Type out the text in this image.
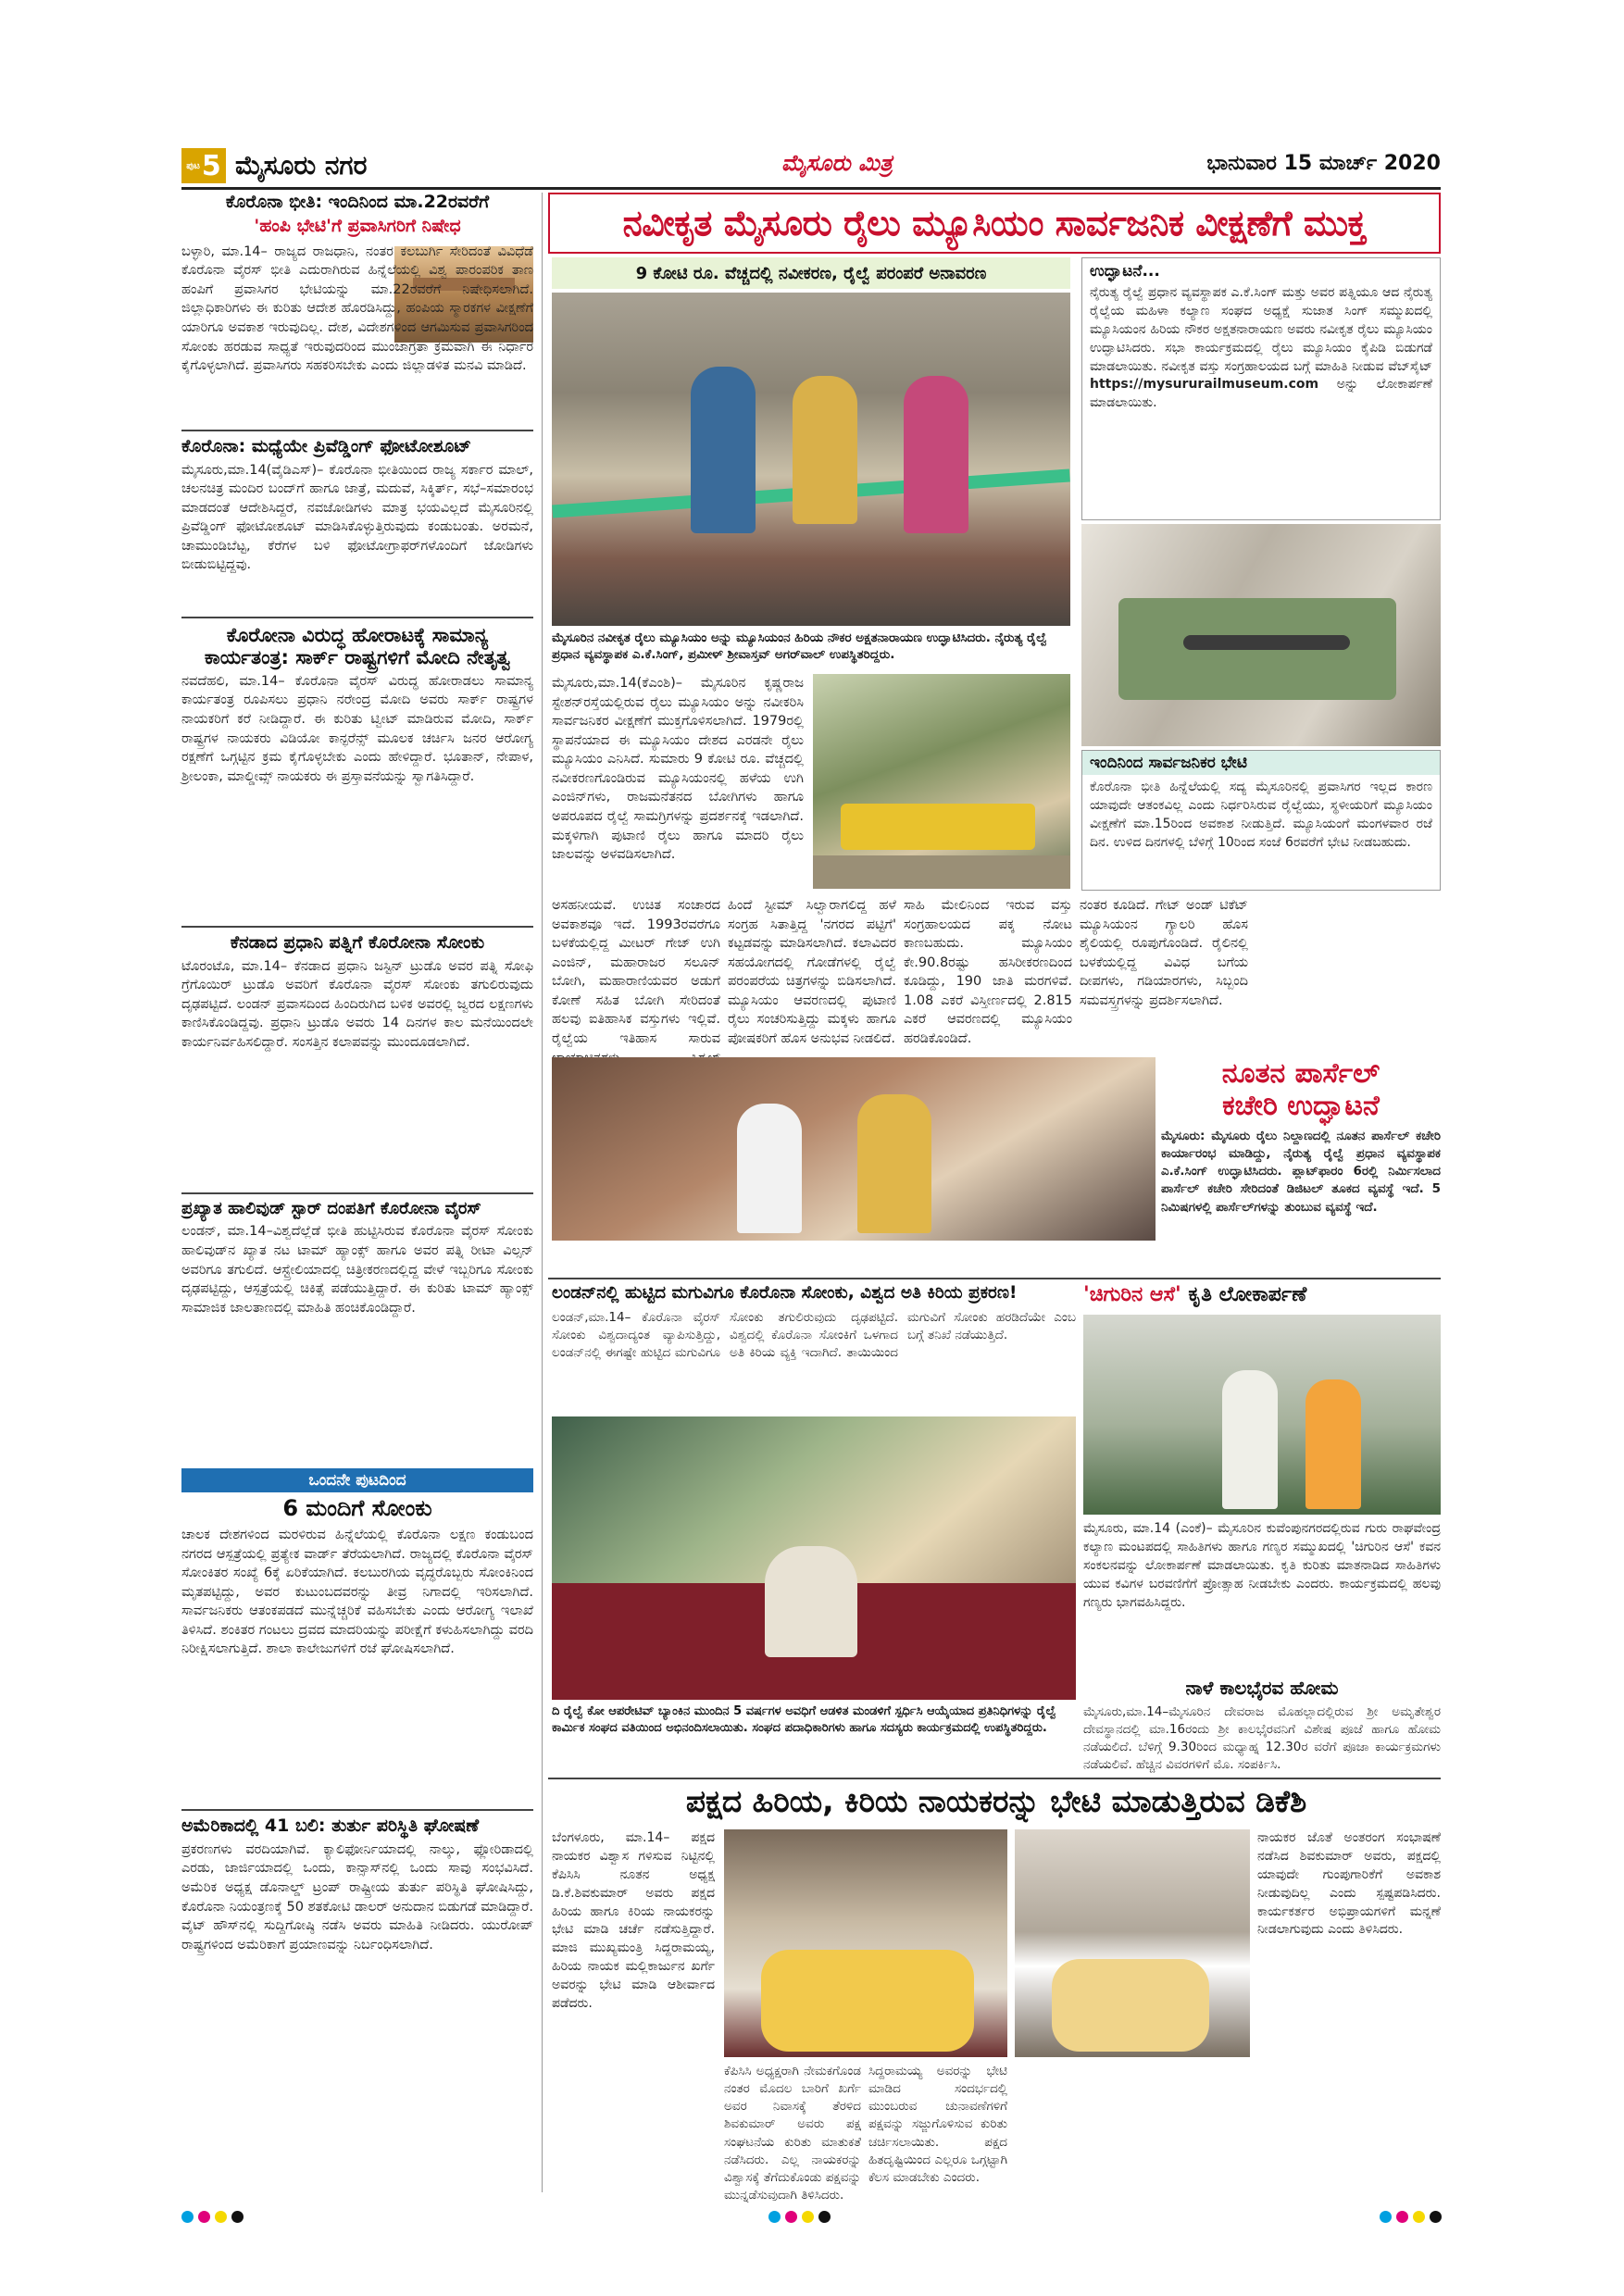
ಪುಟ 5 ಮೈಸೂರು ನಗರ	ಮೈಸೂರು ಮಿತ್ರ	ಭಾನುವಾರ 15 ಮಾರ್ಚ್ 2020
ಕೊರೊನಾ ಭೀತಿ: ಇಂದಿನಿಂದ ಮಾ.22ರವರೆಗೆ
'ಹಂಪಿ ಭೇಟಿ'ಗೆ ಪ್ರವಾಸಿಗರಿಗೆ ನಿಷೇಧ
ಬಳ್ಳಾರಿ, ಮಾ.14– ರಾಜ್ಯದ ರಾಜಧಾನಿ, ನಂತರ ಕಲಬುರ್ಗಿ ಸೇರಿದಂತೆ ವಿವಿಧೆಡೆ ಕೊರೊನಾ ವೈರಸ್ ಭೀತಿ ಎದುರಾಗಿರುವ ಹಿನ್ನೆಲೆಯಲ್ಲಿ ವಿಶ್ವ ಪಾರಂಪರಿಕ ತಾಣ ಹಂಪಿಗೆ ಪ್ರವಾಸಿಗರ ಭೇಟಿಯನ್ನು ಮಾ.22ರವರೆಗೆ ನಿಷೇಧಿಸಲಾಗಿದೆ. ಜಿಲ್ಲಾಧಿಕಾರಿಗಳು ಈ ಕುರಿತು ಆದೇಶ ಹೊರಡಿಸಿದ್ದು, ಹಂಪಿಯ ಸ್ಮಾರಕಗಳ ವೀಕ್ಷಣೆಗೆ ಯಾರಿಗೂ ಅವಕಾಶ ಇರುವುದಿಲ್ಲ. ದೇಶ, ವಿದೇಶಗಳಿಂದ ಆಗಮಿಸುವ ಪ್ರವಾಸಿಗರಿಂದ ಸೋಂಕು ಹರಡುವ ಸಾಧ್ಯತೆ ಇರುವುದರಿಂದ ಮುಂಜಾಗ್ರತಾ ಕ್ರಮವಾಗಿ ಈ ನಿರ್ಧಾರ ಕೈಗೊಳ್ಳಲಾಗಿದೆ. ಪ್ರವಾಸಿಗರು ಸಹಕರಿಸಬೇಕು ಎಂದು ಜಿಲ್ಲಾಡಳಿತ ಮನವಿ ಮಾಡಿದೆ.
ಕೊರೊನಾ: ಮಧ್ಯೆಯೇ ಪ್ರಿವೆಡ್ಡಿಂಗ್ ಫೋಟೋಶೂಟ್
ಮೈಸೂರು,ಮಾ.14(ವೈಡಿಎಸ್)– ಕೊರೊನಾ ಭೀತಿಯಿಂದ ರಾಜ್ಯ ಸರ್ಕಾರ ಮಾಲ್, ಚಲನಚಿತ್ರ ಮಂದಿರ ಬಂದ್‌ಗೆ ಹಾಗೂ ಜಾತ್ರೆ, ಮದುವೆ, ಸಿಕ್ಕಿರ್ತ್‌, ಸಭೆ–ಸಮಾರಂಭ ಮಾಡದಂತೆ ಆದೇಶಿಸಿದ್ದರೆ, ನವಜೋಡಿಗಳು ಮಾತ್ರ ಭಯವಿಲ್ಲದೆ ಮೈಸೂರಿನಲ್ಲಿ ಪ್ರಿವೆಡ್ಡಿಂಗ್ ಫೋಟೋಶೂಟ್ ಮಾಡಿಸಿಕೊಳ್ಳುತ್ತಿರುವುದು ಕಂಡುಬಂತು. ಅರಮನೆ, ಚಾಮುಂಡಿಬೆಟ್ಟ, ಕೆರೆಗಳ ಬಳಿ ಫೋಟೋಗ್ರಾಫರ್‌ಗಳೊಂದಿಗೆ ಜೋಡಿಗಳು ಬೀಡುಬಿಟ್ಟಿದ್ದವು.
ಕೊರೋನಾ ವಿರುದ್ಧ ಹೋರಾಟಕ್ಕೆ ಸಾಮಾನ್ಯ
ಕಾರ್ಯತಂತ್ರ: ಸಾರ್ಕ್ ರಾಷ್ಟ್ರಗಳಿಗೆ ಮೋದಿ ನೇತೃತ್ವ
ನವದೆಹಲಿ, ಮಾ.14– ಕೊರೊನಾ ವೈರಸ್ ವಿರುದ್ಧ ಹೋರಾಡಲು ಸಾಮಾನ್ಯ ಕಾರ್ಯತಂತ್ರ ರೂಪಿಸಲು ಪ್ರಧಾನಿ ನರೇಂದ್ರ ಮೋದಿ ಅವರು ಸಾರ್ಕ್ ರಾಷ್ಟ್ರಗಳ ನಾಯಕರಿಗೆ ಕರೆ ನೀಡಿದ್ದಾರೆ. ಈ ಕುರಿತು ಟ್ವೀಟ್ ಮಾಡಿರುವ ಮೋದಿ, ಸಾರ್ಕ್ ರಾಷ್ಟ್ರಗಳ ನಾಯಕರು ವಿಡಿಯೋ ಕಾನ್ಫರೆನ್ಸ್ ಮೂಲಕ ಚರ್ಚಿಸಿ ಜನರ ಆರೋಗ್ಯ ರಕ್ಷಣೆಗೆ ಒಗ್ಗಟ್ಟಿನ ಕ್ರಮ ಕೈಗೊಳ್ಳಬೇಕು ಎಂದು ಹೇಳಿದ್ದಾರೆ. ಭೂತಾನ್, ನೇಪಾಳ, ಶ್ರೀಲಂಕಾ, ಮಾಲ್ಡೀವ್ಸ್ ನಾಯಕರು ಈ ಪ್ರಸ್ತಾವನೆಯನ್ನು ಸ್ವಾಗತಿಸಿದ್ದಾರೆ.
ಕೆನಡಾದ ಪ್ರಧಾನಿ ಪತ್ನಿಗೆ ಕೊರೋನಾ ಸೋಂಕು
ಟೊರಂಟೊ, ಮಾ.14– ಕೆನಡಾದ ಪ್ರಧಾನಿ ಜಸ್ಟಿನ್ ಟ್ರುಡೊ ಅವರ ಪತ್ನಿ ಸೋಫಿ ಗ್ರೆಗೊಯಿರ್ ಟ್ರುಡೊ ಅವರಿಗೆ ಕೊರೊನಾ ವೈರಸ್ ಸೋಂಕು ತಗುಲಿರುವುದು ದೃಢಪಟ್ಟಿದೆ. ಲಂಡನ್ ಪ್ರವಾಸದಿಂದ ಹಿಂದಿರುಗಿದ ಬಳಿಕ ಅವರಲ್ಲಿ ಜ್ವರದ ಲಕ್ಷಣಗಳು ಕಾಣಿಸಿಕೊಂಡಿದ್ದವು. ಪ್ರಧಾನಿ ಟ್ರುಡೊ ಅವರು 14 ದಿನಗಳ ಕಾಲ ಮನೆಯಿಂದಲೇ ಕಾರ್ಯನಿರ್ವಹಿಸಲಿದ್ದಾರೆ. ಸಂಸತ್ತಿನ ಕಲಾಪವನ್ನು ಮುಂದೂಡಲಾಗಿದೆ.
ಪ್ರಖ್ಯಾತ ಹಾಲಿವುಡ್ ಸ್ಟಾರ್ ದಂಪತಿಗೆ ಕೊರೋನಾ ವೈರಸ್
ಲಂಡನ್, ಮಾ.14–ವಿಶ್ವದೆಲ್ಲೆಡೆ ಭೀತಿ ಹುಟ್ಟಿಸಿರುವ ಕೊರೊನಾ ವೈರಸ್ ಸೋಂಕು ಹಾಲಿವುಡ್‌ನ ಖ್ಯಾತ ನಟ ಟಾಮ್ ಹ್ಯಾಂಕ್ಸ್ ಹಾಗೂ ಅವರ ಪತ್ನಿ ರೀಟಾ ವಿಲ್ಸನ್ ಅವರಿಗೂ ತಗುಲಿದೆ. ಆಸ್ಟ್ರೇಲಿಯಾದಲ್ಲಿ ಚಿತ್ರೀಕರಣದಲ್ಲಿದ್ದ ವೇಳೆ ಇಬ್ಬರಿಗೂ ಸೋಂಕು ದೃಢಪಟ್ಟಿದ್ದು, ಆಸ್ಪತ್ರೆಯಲ್ಲಿ ಚಿಕಿತ್ಸೆ ಪಡೆಯುತ್ತಿದ್ದಾರೆ. ಈ ಕುರಿತು ಟಾಮ್ ಹ್ಯಾಂಕ್ಸ್ ಸಾಮಾಜಿಕ ಜಾಲತಾಣದಲ್ಲಿ ಮಾಹಿತಿ ಹಂಚಿಕೊಂಡಿದ್ದಾರೆ.
ಒಂದನೇ ಪುಟದಿಂದ
6 ಮಂದಿಗೆ ಸೋಂಕು
ಚಾಲಕ ದೇಶಗಳಿಂದ ಮರಳಿರುವ ಹಿನ್ನೆಲೆಯಲ್ಲಿ ಕೊರೊನಾ ಲಕ್ಷಣ ಕಂಡುಬಂದ ನಗರದ ಆಸ್ಪತ್ರೆಯಲ್ಲಿ ಪ್ರತ್ಯೇಕ ವಾರ್ಡ್ ತೆರೆಯಲಾಗಿದೆ. ರಾಜ್ಯದಲ್ಲಿ ಕೊರೊನಾ ವೈರಸ್ ಸೋಂಕಿತರ ಸಂಖ್ಯೆ 6ಕ್ಕೆ ಏರಿಕೆಯಾಗಿದೆ. ಕಲಬುರಗಿಯ ವೃದ್ಧರೊಬ್ಬರು ಸೋಂಕಿನಿಂದ ಮೃತಪಟ್ಟಿದ್ದು, ಅವರ ಕುಟುಂಬದವರನ್ನು ತೀವ್ರ ನಿಗಾದಲ್ಲಿ ಇರಿಸಲಾಗಿದೆ. ಸಾರ್ವಜನಿಕರು ಆತಂಕಪಡದೆ ಮುನ್ನೆಚ್ಚರಿಕೆ ವಹಿಸಬೇಕು ಎಂದು ಆರೋಗ್ಯ ಇಲಾಖೆ ತಿಳಿಸಿದೆ. ಶಂಕಿತರ ಗಂಟಲು ದ್ರವದ ಮಾದರಿಯನ್ನು ಪರೀಕ್ಷೆಗೆ ಕಳುಹಿಸಲಾಗಿದ್ದು ವರದಿ ನಿರೀಕ್ಷಿಸಲಾಗುತ್ತಿದೆ. ಶಾಲಾ ಕಾಲೇಜುಗಳಿಗೆ ರಜೆ ಘೋಷಿಸಲಾಗಿದೆ.
ಅಮೆರಿಕಾದಲ್ಲಿ 41 ಬಲಿ: ತುರ್ತು ಪರಿಸ್ಥಿತಿ ಘೋಷಣೆ
ಪ್ರಕರಣಗಳು ವರದಿಯಾಗಿವೆ. ಕ್ಯಾಲಿಫೋರ್ನಿಯಾದಲ್ಲಿ ನಾಲ್ಕು, ಫ್ಲೋರಿಡಾದಲ್ಲಿ ಎರಡು, ಜಾರ್ಜಿಯಾದಲ್ಲಿ ಒಂದು, ಕಾನ್ಸಾಸ್‌ನಲ್ಲಿ ಒಂದು ಸಾವು ಸಂಭವಿಸಿದೆ. ಅಮೆರಿಕ ಅಧ್ಯಕ್ಷ ಡೊನಾಲ್ಡ್ ಟ್ರಂಪ್ ರಾಷ್ಟ್ರೀಯ ತುರ್ತು ಪರಿಸ್ಥಿತಿ ಘೋಷಿಸಿದ್ದು, ಕೊರೊನಾ ನಿಯಂತ್ರಣಕ್ಕೆ 50 ಶತಕೋಟಿ ಡಾಲರ್ ಅನುದಾನ ಬಿಡುಗಡೆ ಮಾಡಿದ್ದಾರೆ. ವೈಟ್ ಹೌಸ್‌ನಲ್ಲಿ ಸುದ್ದಿಗೋಷ್ಠಿ ನಡೆಸಿ ಅವರು ಮಾಹಿತಿ ನೀಡಿದರು. ಯುರೋಪ್ ರಾಷ್ಟ್ರಗಳಿಂದ ಅಮೆರಿಕಾಗೆ ಪ್ರಯಾಣವನ್ನು ನಿರ್ಬಂಧಿಸಲಾಗಿದೆ.
ನವೀಕೃತ ಮೈಸೂರು ರೈಲು ಮ್ಯೂಸಿಯಂ ಸಾರ್ವಜನಿಕ ವೀಕ್ಷಣೆಗೆ ಮುಕ್ತ
9 ಕೋಟಿ ರೂ. ವೆಚ್ಚದಲ್ಲಿ ನವೀಕರಣ, ರೈಲ್ವೆ ಪರಂಪರೆ ಅನಾವರಣ
ಮೈಸೂರಿನ ನವೀಕೃತ ರೈಲು ಮ್ಯೂಸಿಯಂ ಅನ್ನು ಮ್ಯೂಸಿಯಂನ ಹಿರಿಯ ನೌಕರ ಅಕ್ಷತನಾರಾಯಣ ಉದ್ಘಾಟಿಸಿದರು. ನೈರುತ್ಯ ರೈಲ್ವೆ ಪ್ರಧಾನ ವ್ಯವಸ್ಥಾಪಕ ಎ.ಕೆ.ಸಿಂಗ್, ಪ್ರಮೀಳ್ ಶ್ರೀವಾಸ್ತವ್ ಅಗರ್‌ವಾಲ್ ಉಪಸ್ಥಿತರಿದ್ದರು.
ಮೈಸೂರು,ಮಾ.14(ಕೆಎಂಶಿ)– ಮೈಸೂರಿನ ಕೃಷ್ಣರಾಜ ಸ್ಟೇಶನ್‌ರಸ್ತೆಯಲ್ಲಿರುವ ರೈಲು ಮ್ಯೂಸಿಯಂ ಅನ್ನು ನವೀಕರಿಸಿ ಸಾರ್ವಜನಿಕರ ವೀಕ್ಷಣೆಗೆ ಮುಕ್ತಗೊಳಿಸಲಾಗಿದೆ. 1979ರಲ್ಲಿ ಸ್ಥಾಪನೆಯಾದ ಈ ಮ್ಯೂಸಿಯಂ ದೇಶದ ಎರಡನೇ ರೈಲು ಮ್ಯೂಸಿಯಂ ಎನಿಸಿದೆ. ಸುಮಾರು 9 ಕೋಟಿ ರೂ. ವೆಚ್ಚದಲ್ಲಿ ನವೀಕರಣಗೊಂಡಿರುವ ಮ್ಯೂಸಿಯಂನಲ್ಲಿ ಹಳೆಯ ಉಗಿ ಎಂಜಿನ್‌ಗಳು, ರಾಜಮನೆತನದ ಬೋಗಿಗಳು ಹಾಗೂ ಅಪರೂಪದ ರೈಲ್ವೆ ಸಾಮಗ್ರಿಗಳನ್ನು ಪ್ರದರ್ಶನಕ್ಕೆ ಇಡಲಾಗಿದೆ. ಮಕ್ಕಳಿಗಾಗಿ ಪುಟಾಣಿ ರೈಲು ಹಾಗೂ ಮಾದರಿ ರೈಲು ಜಾಲವನ್ನು ಅಳವಡಿಸಲಾಗಿದೆ.
ಉದ್ಘಾಟನೆ...
ನೈರುತ್ಯ ರೈಲ್ವೆ ಪ್ರಧಾನ ವ್ಯವಸ್ಥಾಪಕ ಎ.ಕೆ.ಸಿಂಗ್ ಮತ್ತು ಅವರ ಪತ್ನಿಯೂ ಆದ ನೈರುತ್ಯ ರೈಲ್ವೆಯ ಮಹಿಳಾ ಕಲ್ಯಾಣ ಸಂಘದ ಅಧ್ಯಕ್ಷೆ ಸುಜಾತ ಸಿಂಗ್ ಸಮ್ಮುಖದಲ್ಲಿ ಮ್ಯೂಸಿಯಂನ ಹಿರಿಯ ನೌಕರ ಅಕ್ಷತನಾರಾಯಣ ಅವರು ನವೀಕೃತ ರೈಲು ಮ್ಯೂಸಿಯಂ ಉದ್ಘಾಟಿಸಿದರು. ಸಭಾ ಕಾರ್ಯಕ್ರಮದಲ್ಲಿ ರೈಲು ಮ್ಯೂಸಿಯಂ ಕೈಪಿಡಿ ಬಿಡುಗಡೆ ಮಾಡಲಾಯಿತು. ನವೀಕೃತ ವಸ್ತು ಸಂಗ್ರಹಾಲಯದ ಬಗ್ಗೆ ಮಾಹಿತಿ ನೀಡುವ ವೆಬ್‌ಸೈಟ್ https://mysururailmuseum.com ಅನ್ನು ಲೋಕಾರ್ಪಣೆ ಮಾಡಲಾಯಿತು.
ಇಂದಿನಿಂದ ಸಾರ್ವಜನಿಕರ ಭೇಟಿ
ಕೊರೊನಾ ಭೀತಿ ಹಿನ್ನೆಲೆಯಲ್ಲಿ ಸದ್ಯ ಮೈಸೂರಿನಲ್ಲಿ ಪ್ರವಾಸಿಗರ ಇಲ್ಲದ ಕಾರಣ ಯಾವುದೇ ಆತಂಕವಿಲ್ಲ ಎಂದು ನಿರ್ಧರಿಸಿರುವ ರೈಲ್ವೆಯು, ಸ್ಥಳೀಯರಿಗೆ ಮ್ಯೂಸಿಯಂ ವೀಕ್ಷಣೆಗೆ ಮಾ.15ರಿಂದ ಅವಕಾಶ ನೀಡುತ್ತಿದೆ. ಮ್ಯೂಸಿಯಂಗೆ ಮಂಗಳವಾರ ರಜೆ ದಿನ. ಉಳಿದ ದಿನಗಳಲ್ಲಿ ಬೆಳಿಗ್ಗೆ 10ರಿಂದ ಸಂಜೆ 6ರವರೆಗೆ ಭೇಟಿ ನೀಡಬಹುದು.
ಅಸಹನೀಯವೆ. ಉಚಿತ ಸಂಚಾರದ ಅವಕಾಶವೂ ಇದೆ. 1993ರವರೆಗೂ ಬಳಕೆಯಲ್ಲಿದ್ದ ಮೀಟರ್ ಗೇಜ್ ಉಗಿ ಎಂಜಿನ್, ಮಹಾರಾಜರ ಸಲೂನ್ ಬೋಗಿ, ಮಹಾರಾಣಿಯವರ ಅಡುಗೆ ಕೋಣೆ ಸಹಿತ ಬೋಗಿ ಸೇರಿದಂತೆ ಹಲವು ಐತಿಹಾಸಿಕ ವಸ್ತುಗಳು ಇಲ್ಲಿವೆ. ರೈಲ್ವೆಯ ಇತಿಹಾಸ ಸಾರುವ
ಹಿಂದೆ ಸ್ಟೀಮ್ ಸಿಲ್ವಾರಾಗಲಿದ್ದ ಹಳೆ ಸಂಗ್ರಹ ಸಿತಾತ್ತಿದ್ದ 'ನಗರದ ಪಟ್ಟಿಗೆ' ಕಟ್ಟಡವನ್ನು ಮಾಡಿಸಲಾಗಿದೆ. ಕಲಾವಿದರ ಸಹಯೋಗದಲ್ಲಿ ಗೋಡೆಗಳಲ್ಲಿ ರೈಲ್ವೆ ಪರಂಪರೆಯ ಚಿತ್ರಗಳನ್ನು ಬಿಡಿಸಲಾಗಿದೆ. ಮ್ಯೂಸಿಯಂ ಆವರಣದಲ್ಲಿ ಪುಟಾಣಿ ರೈಲು ಸಂಚರಿಸುತ್ತಿದ್ದು ಮಕ್ಕಳು ಹಾಗೂ ಪೋಷಕರಿಗೆ ಹೊಸ ಅನುಭವ ನೀಡಲಿದೆ.
ಸಾಹಿ ಮೇಲಿನಿಂದ ಇರುವ ವಸ್ತು ಸಂಗ್ರಹಾಲಯದ ಪಕ್ಕ ನೋಟ ಕಾಣಬಹುದು. ಮ್ಯೂಸಿಯಂ ಕೇ.90.8ರಷ್ಟು ಹಸಿರೀಕರಣದಿಂದ ಕೂಡಿದ್ದು, 190 ಜಾತಿ ಮರಗಳಿವೆ. 1.08 ಎಕರೆ ವಿಸ್ತೀರ್ಣದಲ್ಲಿ 2.815 ಎಕರೆ ಆವರಣದಲ್ಲಿ ಮ್ಯೂಸಿಯಂ ಹರಡಿಕೊಂಡಿದೆ.
ನಂತರ ಕೂಡಿದೆ. ಗೇಟ್ ಅಂಡ್ ಟಿಕೆಟ್ ಮ್ಯೂಸಿಯಂನ ಗ್ಯಾಲರಿ ಹೊಸ ಶೈಲಿಯಲ್ಲಿ ರೂಪುಗೊಂಡಿದೆ. ರೈಲಿನಲ್ಲಿ ಬಳಕೆಯಲ್ಲಿದ್ದ ವಿವಿಧ ಬಗೆಯ ದೀಪಗಳು, ಗಡಿಯಾರಗಳು, ಸಿಬ್ಬಂದಿ ಸಮವಸ್ತ್ರಗಳನ್ನು ಪ್ರದರ್ಶಿಸಲಾಗಿದೆ.
ನೂತನ ಪಾರ್ಸೆಲ್
ಕಚೇರಿ ಉದ್ಘಾಟನೆ
ಮೈಸೂರು: ಮೈಸೂರು ರೈಲು ನಿಲ್ದಾಣದಲ್ಲಿ ನೂತನ ಪಾರ್ಸೆಲ್ ಕಚೇರಿ ಕಾರ್ಯಾರಂಭ ಮಾಡಿದ್ದು, ನೈರುತ್ಯ ರೈಲ್ವೆ ಪ್ರಧಾನ ವ್ಯವಸ್ಥಾಪಕ ಎ.ಕೆ.ಸಿಂಗ್ ಉದ್ಘಾಟಿಸಿದರು. ಪ್ಲಾಟ್‌ಫಾರಂ 6ರಲ್ಲಿ ನಿರ್ಮಿಸಲಾದ ಪಾರ್ಸೆಲ್ ಕಚೇರಿ ಸೇರಿದಂತೆ ಡಿಜಿಟಲ್ ತೂಕದ ವ್ಯವಸ್ಥೆ ಇದೆ. 5 ನಿಮಿಷಗಳಲ್ಲಿ ಪಾರ್ಸೆಲ್‌ಗಳನ್ನು ತುಂಬುವ ವ್ಯವಸ್ಥೆ ಇದೆ.
ಲಂಡನ್‌ನಲ್ಲಿ ಹುಟ್ಟಿದ ಮಗುವಿಗೂ ಕೊರೊನಾ ಸೋಂಕು, ವಿಶ್ವದ ಅತಿ ಕಿರಿಯ ಪ್ರಕರಣ!
ಲಂಡನ್,ಮಾ.14– ಕೊರೊನಾ ವೈರಸ್ ಸೋಂಕು ವಿಶ್ವದಾದ್ಯಂತ ವ್ಯಾಪಿಸುತ್ತಿದ್ದು, ಲಂಡನ್‌ನಲ್ಲಿ ಈಗಷ್ಟೇ ಹುಟ್ಟಿದ ಮಗುವಿಗೂ ಸೋಂಕು ತಗುಲಿರುವುದು ದೃಢಪಟ್ಟಿದೆ. ವಿಶ್ವದಲ್ಲಿ ಕೊರೊನಾ ಸೋಂಕಿಗೆ ಒಳಗಾದ ಅತಿ ಕಿರಿಯ ವ್ಯಕ್ತಿ ಇದಾಗಿದೆ. ತಾಯಿಯಿಂದ ಮಗುವಿಗೆ ಸೋಂಕು ಹರಡಿದೆಯೇ ಎಂಬ ಬಗ್ಗೆ ತನಿಖೆ ನಡೆಯುತ್ತಿದೆ.
ದಿ ರೈಲ್ವೆ ಕೋ ಆಪರೇಟಿವ್ ಬ್ಯಾಂಕಿನ ಮುಂದಿನ 5 ವರ್ಷಗಳ ಅವಧಿಗೆ ಆಡಳಿತ ಮಂಡಳಿಗೆ ಸ್ಪರ್ಧಿಸಿ ಆಯ್ಕೆಯಾದ ಪ್ರತಿನಿಧಿಗಳನ್ನು ರೈಲ್ವೆ ಕಾರ್ಮಿಕ ಸಂಘದ ವತಿಯಿಂದ ಅಭಿನಂದಿಸಲಾಯಿತು. ಸಂಘದ ಪದಾಧಿಕಾರಿಗಳು ಹಾಗೂ ಸದಸ್ಯರು ಕಾರ್ಯಕ್ರಮದಲ್ಲಿ ಉಪಸ್ಥಿತರಿದ್ದರು.
'ಚಿಗುರಿನ ಆಸೆ' ಕೃತಿ ಲೋಕಾರ್ಪಣೆ
ಮೈಸೂರು, ಮಾ.14 (ಎಂಕೆ)– ಮೈಸೂರಿನ ಕುವೆಂಪುನಗರದಲ್ಲಿರುವ ಗುರು ರಾಘವೇಂದ್ರ ಕಲ್ಯಾಣ ಮಂಟಪದಲ್ಲಿ ಸಾಹಿತಿಗಳು ಹಾಗೂ ಗಣ್ಯರ ಸಮ್ಮುಖದಲ್ಲಿ 'ಚಿಗುರಿನ ಆಸೆ' ಕವನ ಸಂಕಲನವನ್ನು ಲೋಕಾರ್ಪಣೆ ಮಾಡಲಾಯಿತು. ಕೃತಿ ಕುರಿತು ಮಾತನಾಡಿದ ಸಾಹಿತಿಗಳು ಯುವ ಕವಿಗಳ ಬರವಣಿಗೆಗೆ ಪ್ರೋತ್ಸಾಹ ನೀಡಬೇಕು ಎಂದರು. ಕಾರ್ಯಕ್ರಮದಲ್ಲಿ ಹಲವು ಗಣ್ಯರು ಭಾಗವಹಿಸಿದ್ದರು.
ನಾಳೆ ಕಾಲಭೈರವ ಹೋಮ
ಮೈಸೂರು,ಮಾ.14–ಮೈಸೂರಿನ ದೇವರಾಜ ಮೊಹಲ್ಲಾದಲ್ಲಿರುವ ಶ್ರೀ ಅಮೃತೇಶ್ವರ ದೇವಸ್ಥಾನದಲ್ಲಿ ಮಾ.16ರಂದು ಶ್ರೀ ಕಾಲಭೈರವನಿಗೆ ವಿಶೇಷ ಪೂಜೆ ಹಾಗೂ ಹೋಮ ನಡೆಯಲಿದೆ. ಬೆಳಿಗ್ಗೆ 9.30ರಿಂದ ಮಧ್ಯಾಹ್ನ 12.30ರ ವರೆಗೆ ಪೂಜಾ ಕಾರ್ಯಕ್ರಮಗಳು ನಡೆಯಲಿವೆ. ಹೆಚ್ಚಿನ ವಿವರಗಳಿಗೆ ಮೊ. ಸಂಪರ್ಕಿಸಿ.
ಪಕ್ಷದ ಹಿರಿಯ, ಕಿರಿಯ ನಾಯಕರನ್ನು ಭೇಟಿ ಮಾಡುತ್ತಿರುವ ಡಿಕೆಶಿ
ಬೆಂಗಳೂರು, ಮಾ.14– ಪಕ್ಷದ ನಾಯಕರ ವಿಶ್ವಾಸ ಗಳಿಸುವ ನಿಟ್ಟಿನಲ್ಲಿ ಕೆಪಿಸಿಸಿ ನೂತನ ಅಧ್ಯಕ್ಷ ಡಿ.ಕೆ.ಶಿವಕುಮಾರ್ ಅವರು ಪಕ್ಷದ ಹಿರಿಯ ಹಾಗೂ ಕಿರಿಯ ನಾಯಕರನ್ನು ಭೇಟಿ ಮಾಡಿ ಚರ್ಚೆ ನಡೆಸುತ್ತಿದ್ದಾರೆ. ಮಾಜಿ ಮುಖ್ಯಮಂತ್ರಿ ಸಿದ್ದರಾಮಯ್ಯ, ಹಿರಿಯ ನಾಯಕ ಮಲ್ಲಿಕಾರ್ಜುನ ಖರ್ಗೆ ಅವರನ್ನು ಭೇಟಿ ಮಾಡಿ ಆಶೀರ್ವಾದ ಪಡೆದರು.
ಕೆಪಿಸಿಸಿ ಅಧ್ಯಕ್ಷರಾಗಿ ನೇಮಕಗೊಂಡ ನಂತರ ಮೊದಲ ಬಾರಿಗೆ ಖರ್ಗೆ ಅವರ ನಿವಾಸಕ್ಕೆ ತೆರಳಿದ ಶಿವಕುಮಾರ್ ಅವರು ಪಕ್ಷ ಸಂಘಟನೆಯ ಕುರಿತು ಮಾತುಕತೆ ನಡೆಸಿದರು. ಎಲ್ಲ ನಾಯಕರನ್ನು ವಿಶ್ವಾಸಕ್ಕೆ ತೆಗೆದುಕೊಂಡು ಪಕ್ಷವನ್ನು ಮುನ್ನಡೆಸುವುದಾಗಿ ತಿಳಿಸಿದರು.
ಸಿದ್ದರಾಮಯ್ಯ ಅವರನ್ನು ಭೇಟಿ ಮಾಡಿದ ಸಂದರ್ಭದಲ್ಲಿ ಮುಂಬರುವ ಚುನಾವಣೆಗಳಿಗೆ ಪಕ್ಷವನ್ನು ಸಜ್ಜುಗೊಳಿಸುವ ಕುರಿತು ಚರ್ಚಿಸಲಾಯಿತು. ಪಕ್ಷದ ಹಿತದೃಷ್ಟಿಯಿಂದ ಎಲ್ಲರೂ ಒಗ್ಗಟ್ಟಾಗಿ ಕೆಲಸ ಮಾಡಬೇಕು ಎಂದರು.
ನಾಯಕರ ಜೊತೆ ಅಂತರಂಗ ಸಂಭಾಷಣೆ ನಡೆಸಿದ ಶಿವಕುಮಾರ್ ಅವರು, ಪಕ್ಷದಲ್ಲಿ ಯಾವುದೇ ಗುಂಪುಗಾರಿಕೆಗೆ ಅವಕಾಶ ನೀಡುವುದಿಲ್ಲ ಎಂದು ಸ್ಪಷ್ಟಪಡಿಸಿದರು. ಕಾರ್ಯಕರ್ತರ ಅಭಿಪ್ರಾಯಗಳಿಗೆ ಮನ್ನಣೆ ನೀಡಲಾಗುವುದು ಎಂದು ತಿಳಿಸಿದರು.
